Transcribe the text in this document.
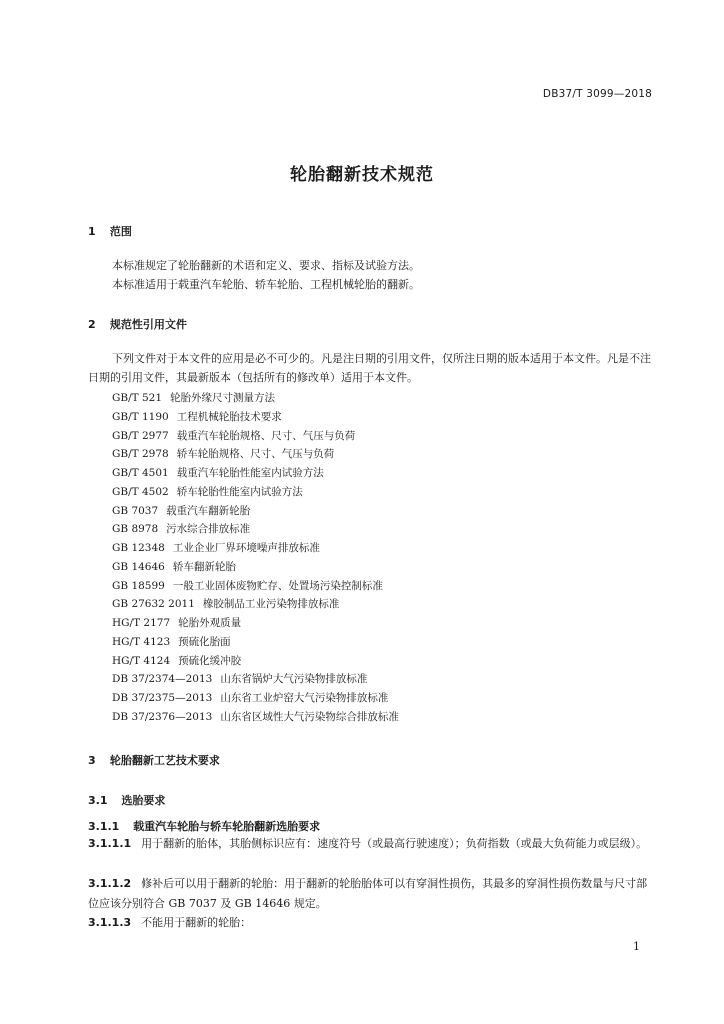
DB37/T 3099—2018
轮胎翻新技术规范
1 范围
本标准规定了轮胎翻新的术语和定义、要求、指标及试验方法。
本标准适用于载重汽车轮胎、轿车轮胎、工程机械轮胎的翻新。
2 规范性引用文件
下列文件对于本文件的应用是必不可少的。凡是注日期的引用文件，仅所注日期的版本适用于本文件。凡是不注日期的引用文件，其最新版本（包括所有的修改单）适用于本文件。
GB/T 521 轮胎外缘尺寸测量方法
GB/T 1190 工程机械轮胎技术要求
GB/T 2977 载重汽车轮胎规格、尺寸、气压与负荷
GB/T 2978 轿车轮胎规格、尺寸、气压与负荷
GB/T 4501 载重汽车轮胎性能室内试验方法
GB/T 4502 轿车轮胎性能室内试验方法
GB 7037 载重汽车翻新轮胎
GB 8978 污水综合排放标准
GB 12348 工业企业厂界环境噪声排放标准
GB 14646 轿车翻新轮胎
GB 18599 一般工业固体废物贮存、处置场污染控制标准
GB 27632 2011 橡胶制品工业污染物排放标准
HG/T 2177 轮胎外观质量
HG/T 4123 预硫化胎面
HG/T 4124 预硫化缓冲胶
DB 37/2374—2013 山东省锅炉大气污染物排放标准
DB 37/2375—2013 山东省工业炉窑大气污染物排放标准
DB 37/2376—2013 山东省区域性大气污染物综合排放标准
3 轮胎翻新工艺技术要求
3.1 选胎要求
3.1.1 载重汽车轮胎与轿车轮胎翻新选胎要求
3.1.1.1 用于翻新的胎体，其胎侧标识应有：速度符号（或最高行驶速度）；负荷指数（或最大负荷能力或层级）。
3.1.1.2 修补后可以用于翻新的轮胎：用于翻新的轮胎胎体可以有穿洞性损伤，其最多的穿洞性损伤数量与尺寸部位应该分别符合 GB 7037 及 GB 14646 规定。
3.1.1.3 不能用于翻新的轮胎：
1
